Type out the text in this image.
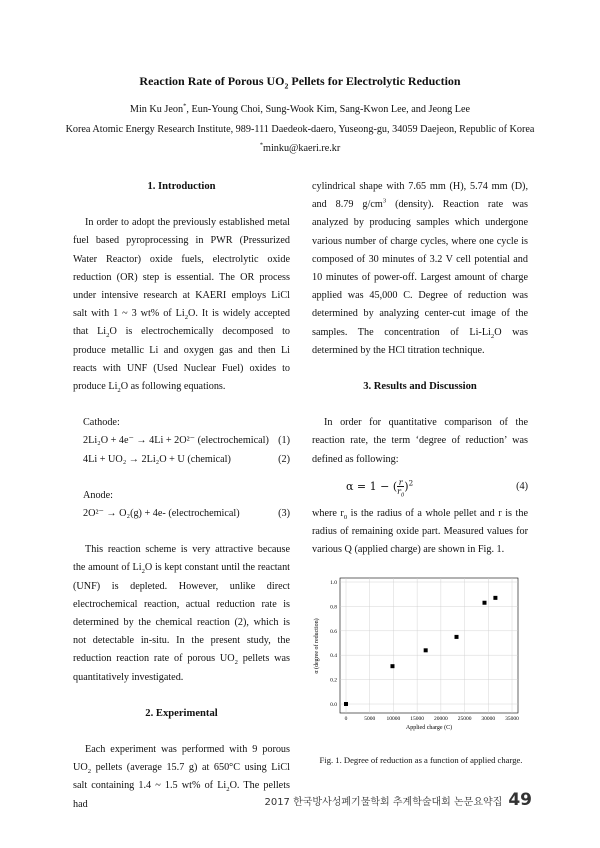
Reaction Rate of Porous $UO_2$ Pellets for Electrolytic Reduction
Min Ku Jeon*, Eun-Young Choi, Sung-Wook Kim, Sang-Kwon Lee, and Jeong Lee
Korea Atomic Energy Research Institute, 989-111 Daedeok-daero, Yuseong-gu, 34059 Daejeon, Republic of Korea
*minku@kaeri.re.kr
1. Introduction

In order to adopt the previously established metal fuel based pyroprocessing in PWR (Pressurized Water Reactor) oxide fuels, electrolytic oxide reduction (OR) step is essential. The OR process under intensive research at KAERI employs LiCl salt with 1 ~ 3 wt% of $Li_2O$. It is widely accepted that $Li_2O$ is electrochemically decomposed to produce metallic Li and oxygen gas and then Li reacts with UNF (Used Nuclear Fuel) oxides to produce $Li_2O$ as following equations.

Cathode:
2Li₂O + 4e⁻ → 4Li + 2O²⁻ (electrochemical) (1)
4Li + UO₂ → 2Li₂O + U (chemical)	(2)
Anode:
2O²⁻ → O₂(g) + 4e- (electrochemical)	(3)

This reaction scheme is very attractive because the amount of $Li_2O$ is kept constant until the reactant (UNF) is depleted. However, unlike direct electrochemical reaction, actual reduction rate is determined by the chemical reaction (2), which is not detectable in-situ. In the present study, the reduction reaction rate of porous $UO_2$ pellets was quantitatively investigated.

2. Experimental

Each experiment was performed with 9 porous $UO_2$ pellets (average 15.7 g) at 650°C using LiCl salt containing 1.4 ~ 1.5 wt% of $Li_2O$. The pellets had

cylindrical shape with 7.65 mm (H), 5.74 mm (D), and 8.79 $g/cm^3$ (density). Reaction rate was analyzed by producing samples which undergone various number of charge cycles, where one cycle is composed of 30 minutes of 3.2 V cell potential and 10 minutes of power-off. Largest amount of charge applied was 45,000 C. Degree of reduction was determined by analyzing center-cut image of the samples. The concentration of $Li-Li_2O$ was determined by the HCl titration technique.

3. Results and Discussion

In order for quantitative comparison of the reaction rate, the term ‘degree of reduction’ was defined as following:

α = 1 − ( r
$r_0)^2$	(4)

where $r_0$ is the radius of a whole pellet and r is the radius of remaining oxide part. Measured values for various Q (applied charge) are shown in Fig. 1.

0.0
0.2
0.4
0.6
0.8
1.0
0	5000 10000 15000 20000 25000 30000 35000
Applied charge (C)
α (degree of reduction)
Fig. 1. Degree of reduction as a function of applied charge.
2017 한국방사성폐기물학회 추계학술대회 논문요약집 49
